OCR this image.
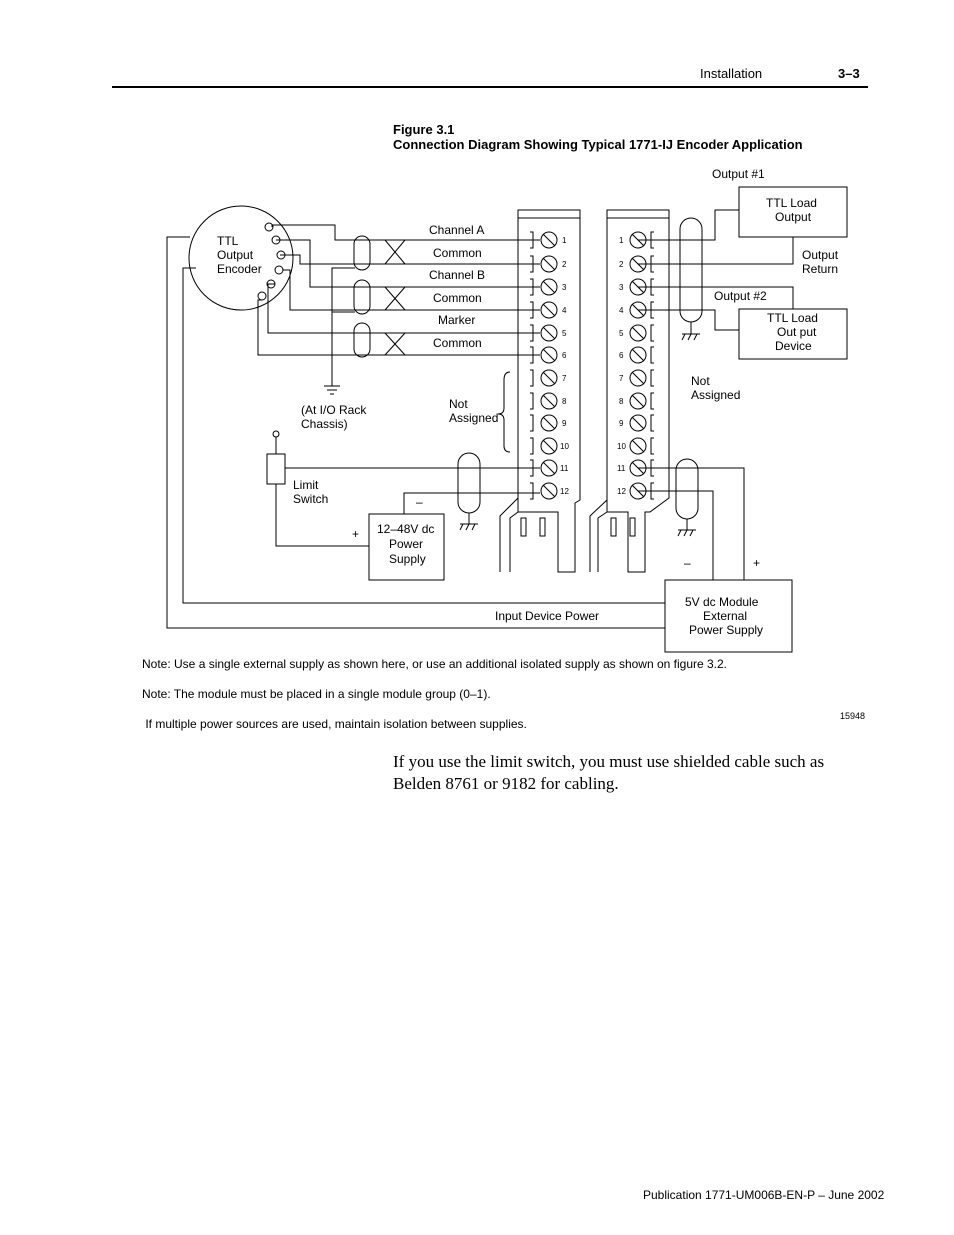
Installation	3–3
Figure 3.1
Connection Diagram Showing Typical 1771-IJ Encoder Application
TTL
Output
Encoder
Channel A
Common
Channel B
Common
Marker
Common
(At I/O Rack
Chassis)
1
2
3
4
5
6
7
8
9
10
11
12
Not
Assigned
Limit
Switch
12–48V dc
Power
Supply
+
–
1
2
3
4
5
6
7
8
9
10
11
12
Output #1
TTL Load
Output
Output
Return
Output #2
TTL Load
Out put
Device
Not
Assigned
5V dc Module
External
Power Supply
–	+
Input Device Power
Note: Use a single external supply as shown here, or use an additional isolated supply as shown on figure 3.2.
Note: The module must be placed in a single module group (0–1).
If multiple power sources are used, maintain isolation between supplies.
15948
If you use the limit switch, you must use shielded cable such as Belden 8761 or 9182 for cabling.
Publication 1771-UM006B-EN-P – June 2002
